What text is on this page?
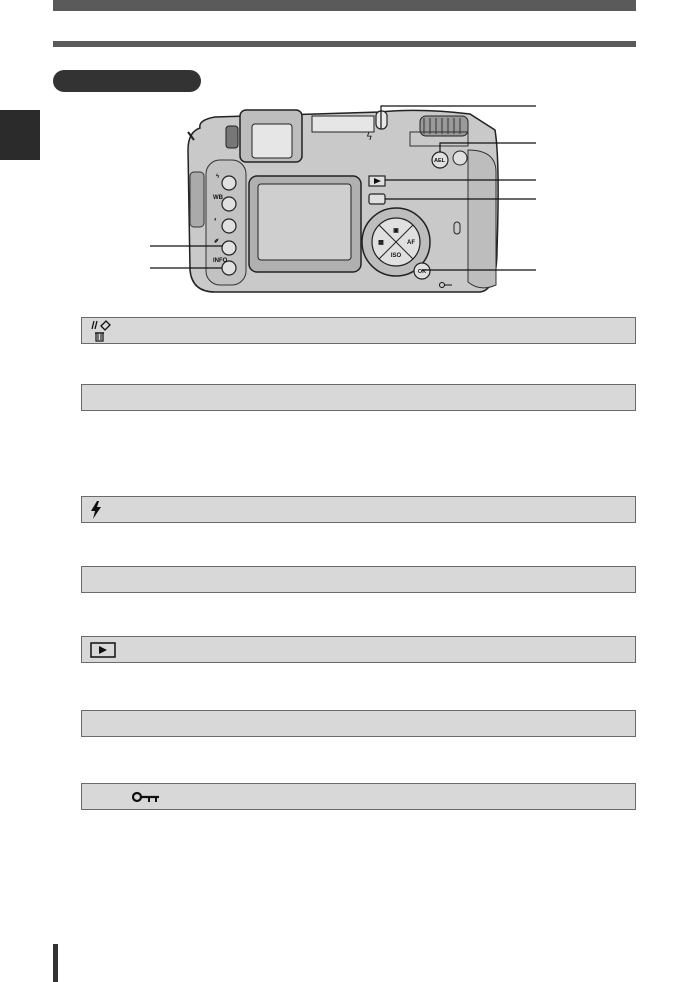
ϟ
WB
◐
✐
INFO
ϟ
AEL
▣
▦	AF
ISO
OK
